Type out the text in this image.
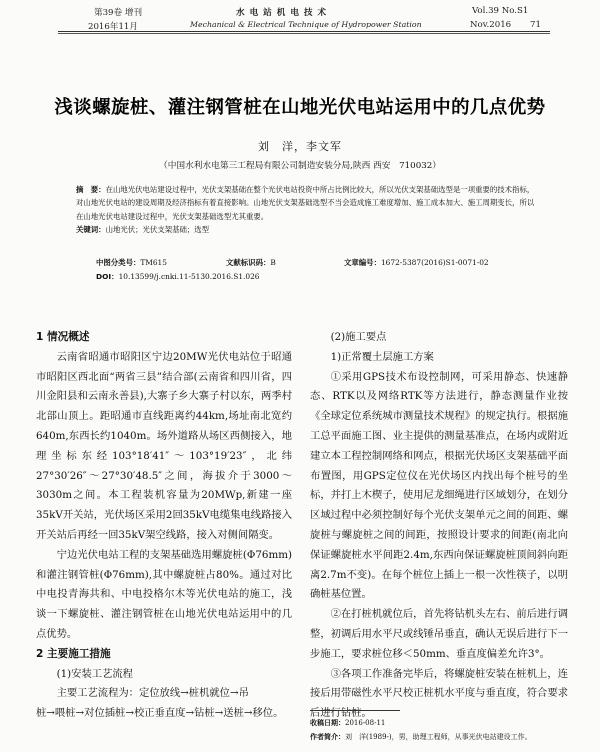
第39卷 增刊
2016年11月
水 电 站 机 电 技 术
Mechanical & Electrical Technique of Hydropower Station
Vol.39 No.S1
Nov.2016 71
浅谈螺旋桩、灌注钢管桩在山地光伏电站运用中的几点优势
刘　洋，李文军
（中国水利水电第三工程局有限公司制造安装分局,陕西 西安　710032）
摘　要：在山地光伏电站建设过程中，光伏支架基础在整个光伏电站投资中所占比例比较大，所以光伏支架基础选型是一项重要的技术指标，对山地光伏电站的建设周期及经济指标有着直接影响。山地光伏支架基础选型不当会造成施工难度增加、施工成本加大、施工周期变长，所以在山地光伏电站建设过程中，光伏支架基础选型尤其重要。
关键词：山地光伏；光伏支架基础；选型
中图分类号：TM615	文献标识码：B	文章编号：1672-5387(2016)S1-0071-02
DOI：10.13599/j.cnki.11-5130.2016.S1.026

1 情况概述

云南省昭通市昭阳区宁边20MW光伏电站位于昭通市昭阳区西北面“两省三县”结合部(云南省和四川省，四川金阳县和云南永善县),大寨子乡大寨子村以东，两季村北部山顶上。距昭通市直线距离约44km,场址南北宽约640m,东西长约1040m。场外道路从场区西侧接入，地理坐标东经103°18′41″～103°19′23″，北纬27°30′26″～27°30′48.5″之间，海拔介于3000～3030m之间。本工程装机容量为20MWp,新建一座35kV开关站，光伏场区采用2回35kV电缆集电线路接入开关站后再经一回35kV架空线路，接入对侧间隔变。

宁边光伏电站工程的支架基础选用螺旋桩(Φ76mm)和灌注钢管桩(Φ76mm),其中螺旋桩占80%。通过对比中电投青海共和、中电投格尔木等光伏电站的施工，浅谈一下螺旋桩、灌注钢管桩在山地光伏电站运用中的几点优势。

2 主要施工措施

(1)安装工艺流程

主要工艺流程为：定位放线→桩机就位→吊

桩→喂桩→对位插桩→校正垂直度→钻桩→送桩→移位。

(2)施工要点

1)正常覆土层施工方案

①采用GPS技术布设控制网，可采用静态、快速静态、RTK以及网络RTK等方法进行，静态测量作业按《全球定位系统城市测量技术规程》的规定执行。根据施工总平面施工图、业主提供的测量基准点，在场内或附近建立本工程控制网络和网点，根据光伏场区支架基础平面布置图，用GPS定位仪在光伏场区内找出每个桩号的坐标，并打上木楔子，使用尼龙细绳进行区域划分，在划分区域过程中必须控制好每个光伏支架单元之间的间距、螺旋桩与螺旋桩之间的间距，按照设计要求的间距(南北向保证螺旋桩水平间距2.4m,东西向保证螺旋桩顶间斜向距离2.7m不变)。在每个桩位上插上一根一次性筷子，以明确桩基位置。

②在打桩机就位后，首先将钻机头左右、前后进行调整，初调后用水平尺或线锤吊垂直，确认无误后进行下一步施工，要求桩位移＜50mm、垂直度偏差允许3°。

③各项工作准备完毕后，将螺旋桩安装在桩机上，连接后用带磁性水平尺校正桩机水平度与垂直度，符合要求后进行钻桩。

收稿日期：2016-08-11
作者简介：刘　洋(1989-)，男，助理工程师，从事光伏电站建设工作。
